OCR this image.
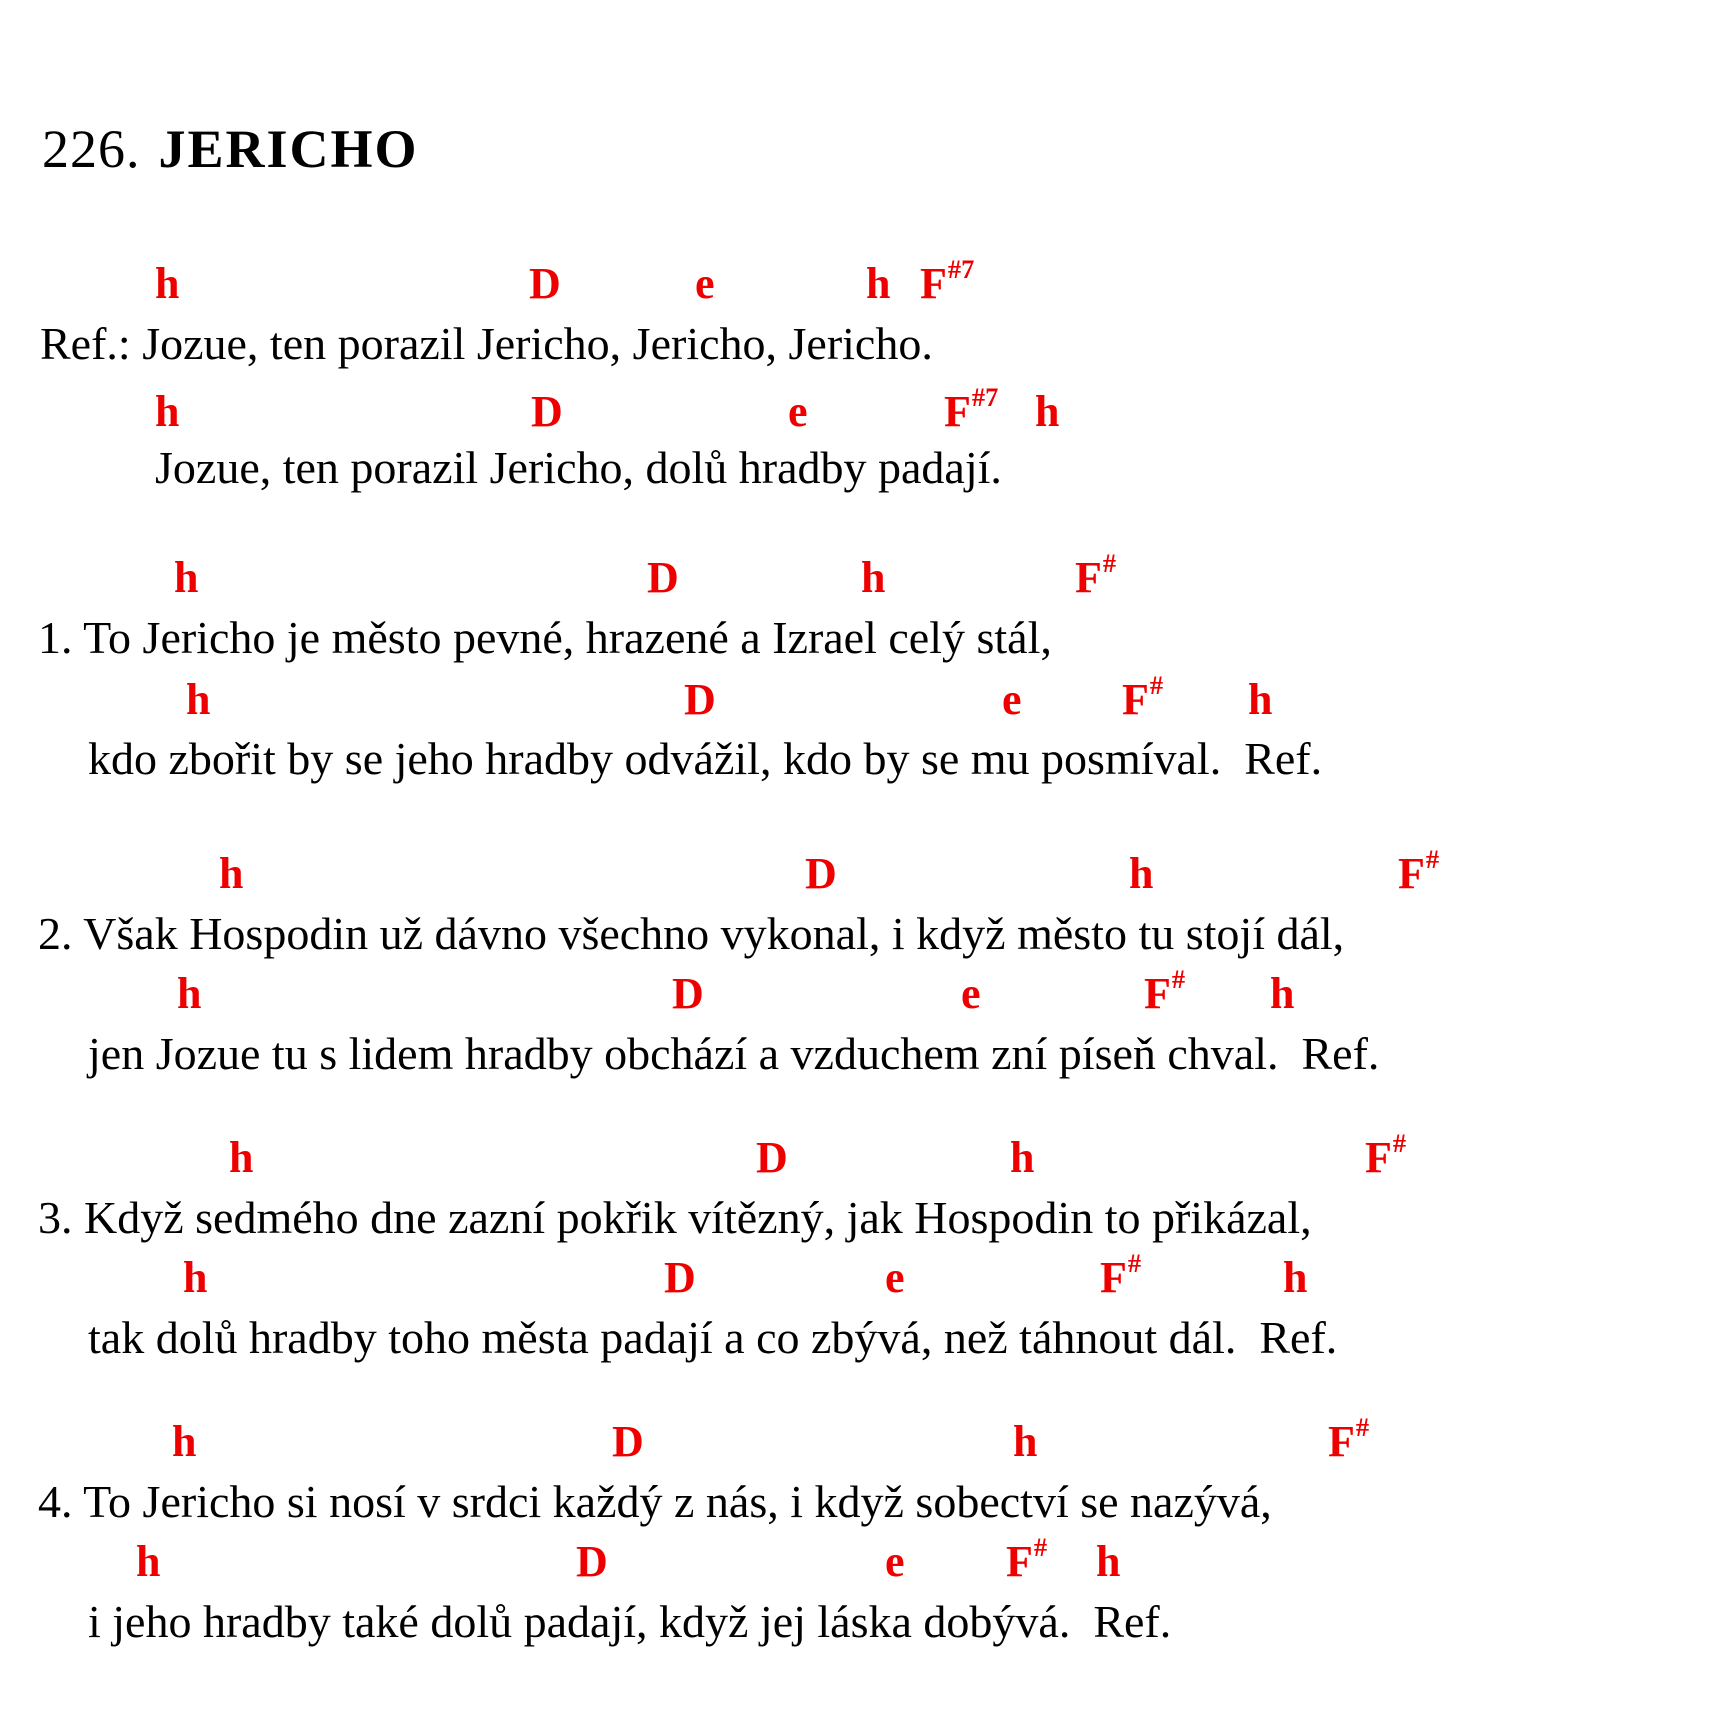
226. JERICHO
h	D	e	h $F^{\#7}$
Ref.: Jozue, ten porazil Jericho, Jericho, Jericho.
h	D	e	$F^{\#7}$ h
Jozue, ten porazil Jericho, dolů hradby padají.
h	D	h	F#
1. To Jericho je město pevné, hrazené a Izrael celý stál,
h	D	e F# h
kdo zbořit by se jeho hradby odvážil, kdo by se mu posmíval.  Ref.
h	D	h	F#
2. Však Hospodin už dávno všechno vykonal, i když město tu stojí dál,
h	D	e	F# h
jen Jozue tu s lidem hradby obchází a vzduchem zní píseň chval.  Ref.
h	D	h	F#
3. Když sedmého dne zazní pokřik vítězný, jak Hospodin to přikázal,
h	D	e	F#	h
tak dolů hradby toho města padají a co zbývá, než táhnout dál.  Ref.
h	D	h	F#
4. To Jericho si nosí v srdci každý z nás, i když sobectví se nazývá,
h	D	e F# h
i jeho hradby také dolů padají, když jej láska dobývá.  Ref.
